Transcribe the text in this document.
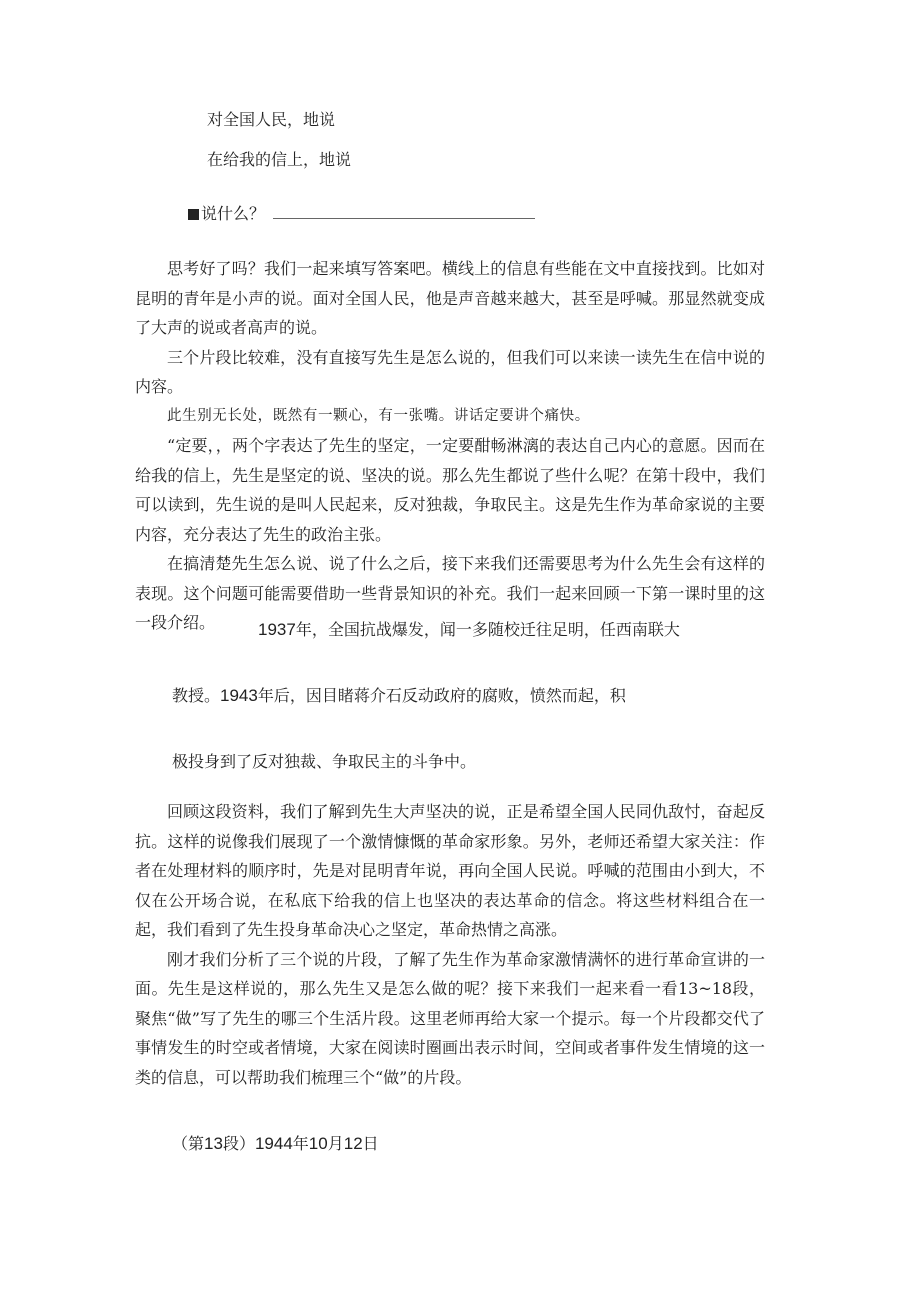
对全国人民，地说
在给我的信上，地说
说什么？

思考好了吗？我们一起来填写答案吧。横线上的信息有些能在文中直接找到。比如对昆明的青年是小声的说。面对全国人民，他是声音越来越大，甚至是呼喊。那显然就变成了大声的说或者高声的说。

三个片段比较难，没有直接写先生是怎么说的，但我们可以来读一读先生在信中说的内容。

此生别无长处，既然有一颗心，有一张嘴。讲话定要讲个痛快。

“定要，，两个字表达了先生的坚定，一定要酣畅淋漓的表达自己内心的意愿。因而在给我的信上，先生是坚定的说、坚决的说。那么先生都说了些什么呢？在第十段中，我们可以读到，先生说的是叫人民起来，反对独裁，争取民主。这是先生作为革命家说的主要内容，充分表达了先生的政治主张。

在搞清楚先生怎么说、说了什么之后，接下来我们还需要思考为什么先生会有这样的表现。这个问题可能需要借助一些背景知识的补充。我们一起来回顾一下第一课时里的这一段介绍。	1937年，全国抗战爆发，闻一多随校迁往足明，任西南联大
教授。1943年后，因目睹蒋介石反动政府的腐败，愤然而起，积
极投身到了反对独裁、争取民主的斗争中。

回顾这段资料，我们了解到先生大声坚决的说，正是希望全国人民同仇敌忖，奋起反抗。这样的说像我们展现了一个激情慷慨的革命家形象。另外，老师还希望大家关注：作者在处理材料的顺序时，先是对昆明青年说，再向全国人民说。呼喊的范围由小到大，不仅在公开场合说，在私底下给我的信上也坚决的表达革命的信念。将这些材料组合在一起，我们看到了先生投身革命决心之坚定，革命热情之高涨。

刚才我们分析了三个说的片段，了解了先生作为革命家激情满怀的进行革命宣讲的一面。先生是这样说的，那么先生又是怎么做的呢？接下来我们一起来看一看13~18段，聚焦“做”写了先生的哪三个生活片段。这里老师再给大家一个提示。每一个片段都交代了事情发生的时空或者情境，大家在阅读时圈画出表示时间，空间或者事件发生情境的这一类的信息，可以帮助我们梳理三个“做”的片段。

（第13段）1944年10月12日
